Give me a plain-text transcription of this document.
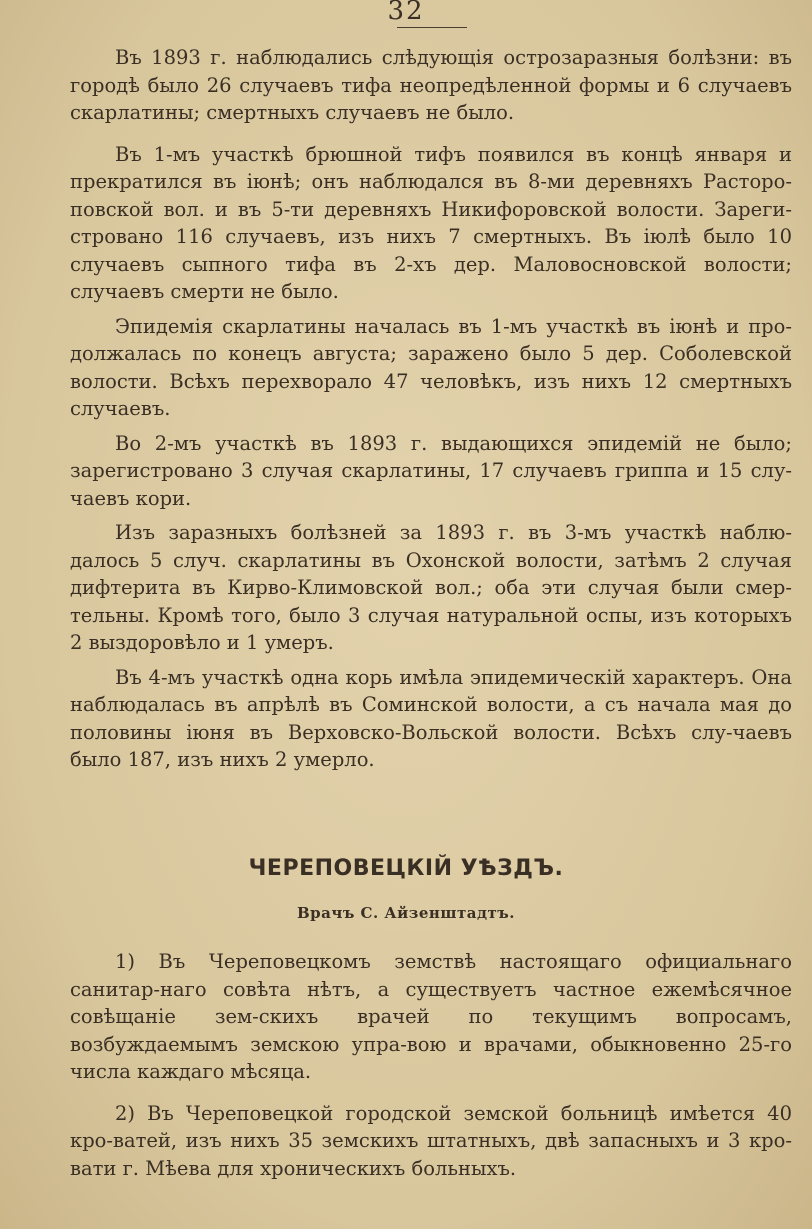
32

Въ 1893 г. наблюдались слѣдующія острозаразныя болѣзни: въ городѣ было 26 случаевъ тифа неопредѣленной формы и 6 случаевъ скарлатины; смертныхъ случаевъ не было.

Въ 1-мъ участкѣ брюшной тифъ появился въ концѣ января и прекратился въ іюнѣ; онъ наблюдался въ 8-ми деревняхъ Расторо-повской вол. и въ 5-ти деревняхъ Никифоровской волости. Зареги-стровано 116 случаевъ, изъ нихъ 7 смертныхъ. Въ іюлѣ было 10 случаевъ сыпного тифа въ 2-хъ дер. Маловосновской волости; случаевъ смерти не было.

Эпидемія скарлатины началась въ 1-мъ участкѣ въ іюнѣ и про-должалась по конецъ августа; заражено было 5 дер. Соболевской волости. Всѣхъ перехворало 47 человѣкъ, изъ нихъ 12 смертныхъ случаевъ.

Во 2-мъ участкѣ въ 1893 г. выдающихся эпидемій не было; зарегистровано 3 случая скарлатины, 17 случаевъ гриппа и 15 слу-чаевъ кори.

Изъ заразныхъ болѣзней за 1893 г. въ 3-мъ участкѣ наблю-далось 5 случ. скарлатины въ Охонской волости, затѣмъ 2 случая дифтерита въ Кирво-Климовской вол.; оба эти случая были смер-тельны. Кромѣ того, было 3 случая натуральной оспы, изъ которыхъ 2 выздоровѣло и 1 умеръ.

Въ 4-мъ участкѣ одна корь имѣла эпидемическій характеръ. Она наблюдалась въ апрѣлѣ въ Соминской волости, а съ начала мая до половины іюня въ Верховско-Вольской волости. Всѣхъ слу-чаевъ было 187, изъ нихъ 2 умерло.

ЧЕРЕПОВЕЦКІЙ УѢЗДЪ.
Врачъ С. Айзенштадтъ.

1) Въ Череповецкомъ земствѣ настоящаго официальнаго санитар-наго совѣта нѣтъ, а существуетъ частное ежемѣсячное совѣщаніе зем-скихъ врачей по текущимъ вопросамъ, возбуждаемымъ земскою упра-вою и врачами, обыкновенно 25-го числа каждаго мѣсяца.

2) Въ Череповецкой городской земской больницѣ имѣется 40 кро-ватей, изъ нихъ 35 земскихъ штатныхъ, двѣ запасныхъ и 3 кро-вати г. Мѣева для хроническихъ больныхъ.
